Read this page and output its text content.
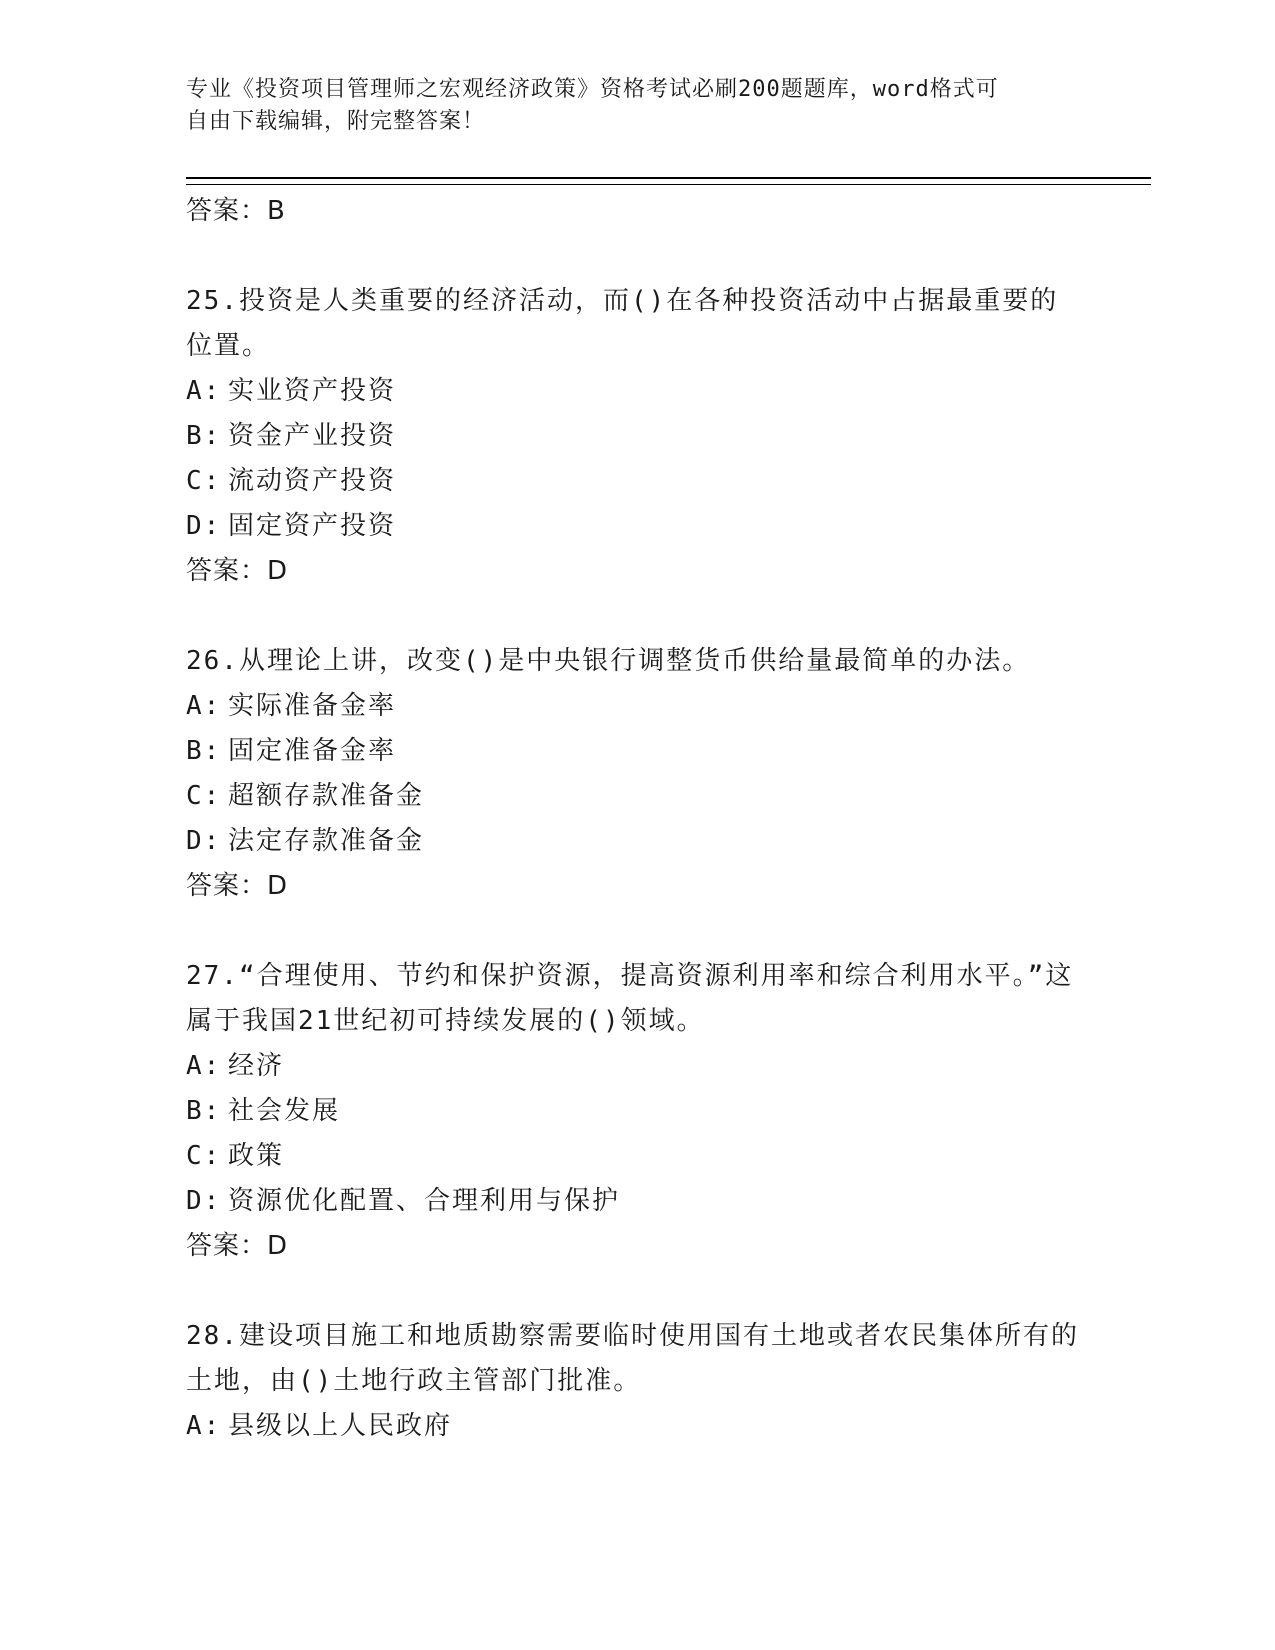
专业《投资项目管理师之宏观经济政策》资格考试必刷200题题库，word格式可
自由下载编辑，附完整答案！
答案：B
25.投资是人类重要的经济活动，而()在各种投资活动中占据最重要的位置。
A: 实业资产投资
B: 资金产业投资
C: 流动资产投资
D: 固定资产投资
答案：D
26.从理论上讲，改变()是中央银行调整货币供给量最简单的办法。
A: 实际准备金率
B: 固定准备金率
C: 超额存款准备金
D: 法定存款准备金
答案：D
27.“合理使用、节约和保护资源，提高资源利用率和综合利用水平。”这属于我国21世纪初可持续发展的()领域。
A: 经济
B: 社会发展
C: 政策
D: 资源优化配置、合理利用与保护
答案：D
28.建设项目施工和地质勘察需要临时使用国有土地或者农民集体所有的土地，由()土地行政主管部门批准。
A: 县级以上人民政府
